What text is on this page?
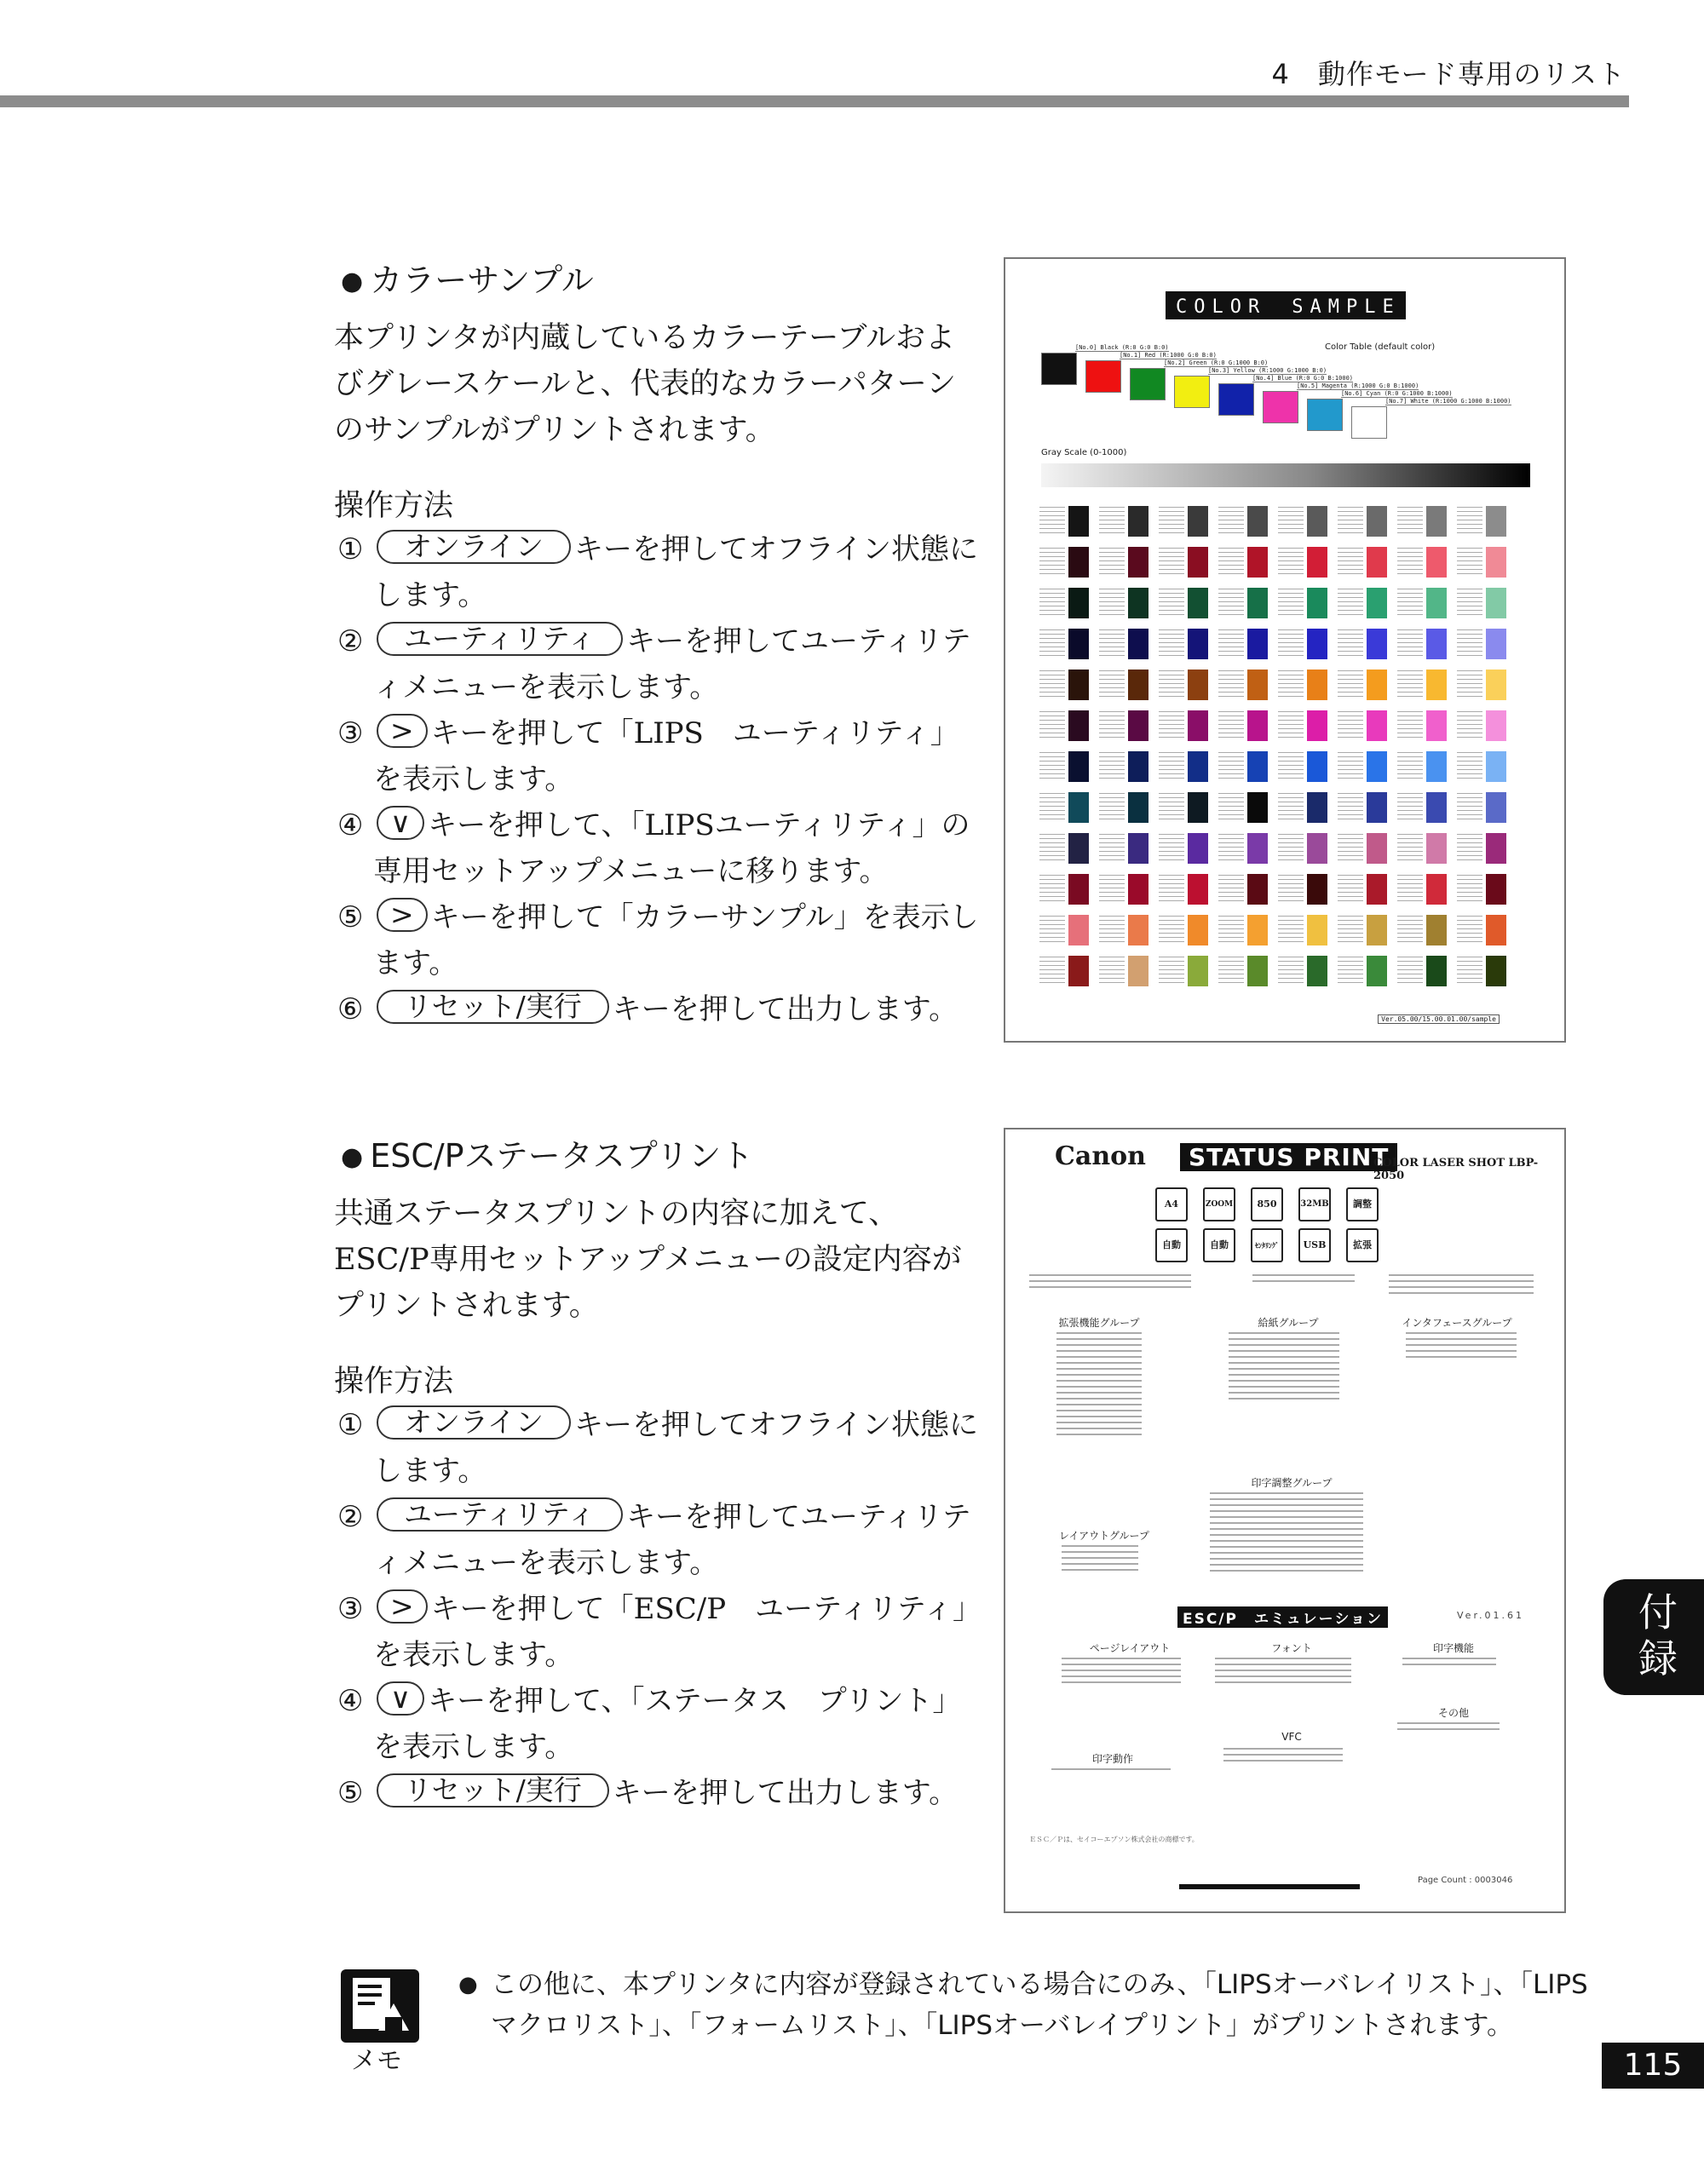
4　動作モード専用のリスト
● カラーサンプル
本プリンタが内蔵しているカラーテーブルおよびグレースケールと、代表的なカラーパターンのサンプルがプリントされます。
操作方法
① オンライン キーを押してオフライン状態にします。
② ユーティリティ キーを押してユーティリティメニューを表示します。
③ > キーを押して「LIPS　ユーティリティ」を表示します。
④ ∨ キーを押して、「LIPSユーティリティ」の専用セットアップメニューに移ります。
⑤ > キーを押して「カラーサンプル」を表示します。
⑥ リセット/実行 キーを押して出力します。
COLOR　SAMPLE
Color Table (default color)
Gray Scale (0-1000)
[No.0] Black (R:0 G:0 B:0)
[No.1] Red (R:1000 G:0 B:0)
[No.2] Green (R:0 G:1000 B:0)
[No.3] Yellow (R:1000 G:1000 B:0)
[No.4] Blue (R:0 G:0 B:1000)
[No.5] Magenta (R:1000 G:0 B:1000)
[No.6] Cyan (R:0 G:1000 B:1000)
[No.7] White (R:1000 G:1000 B:1000)
Ver.05.00/15.00.01.00/sample
● ESC/Pステータスプリント
共通ステータスプリントの内容に加えて、ESC/P専用セットアップメニューの設定内容がプリントされます。
操作方法
① オンライン キーを押してオフライン状態にします。
② ユーティリティ キーを押してユーティリティメニューを表示します。
③ > キーを押して「ESC/P　ユーティリティ」を表示します。
④ ∨ キーを押して、「ステータス　プリント」を表示します。
⑤ リセット/実行 キーを押して出力します。
Canon	STATUS PRINT
COLOR LASER SHOT LBP-2050
A4	ZOOM	850	32MB	調整
自動	自動	ｾﾝﾀﾘﾝｸﾞ	USB	拡張
拡張機能グループ	給紙グループ	インタフェースグループ
印字調整グループ
レイアウトグループ
ESC/P　エミュレーション	Ver.01.61
ページレイアウト	フォント	印字機能
その他
VFC
印字動作
ＥＳＣ／Ｐは、セイコーエプソン株式会社の商標です。
Page Count : 0003046
付
録
メモ
● この他に、本プリンタに内容が登録されている場合にのみ、「LIPSオーバレイリスト」、「LIPSマクロリスト」、「フォームリスト」、「LIPSオーバレイプリント」がプリントされます。
115
